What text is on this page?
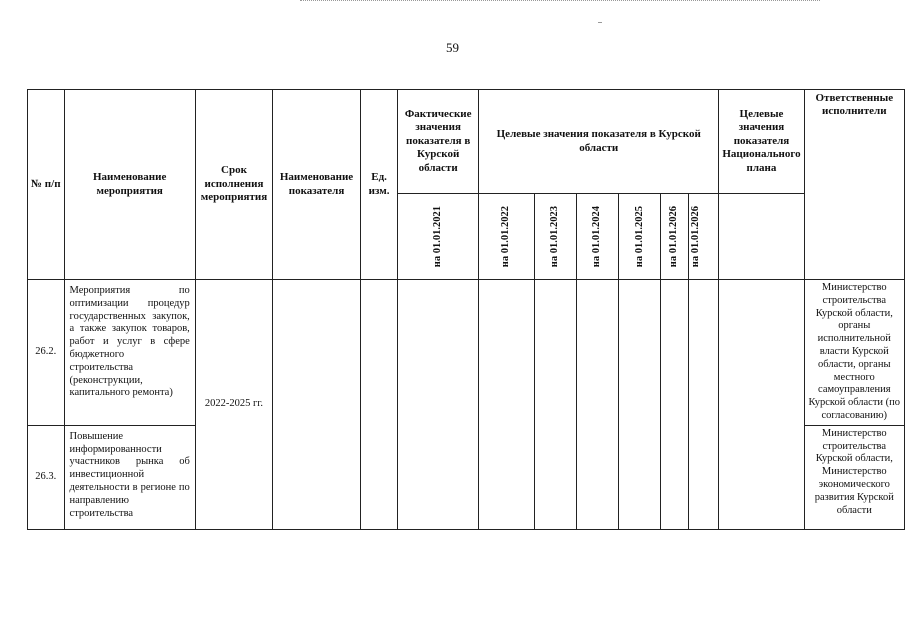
59
№ п/п	Наименование мероприятия	Срок исполнения мероприятия	Наименование показателя	Ед. изм.	Фактические значения показателя в Курской области	Целевые значения показателя в Курской области						Целевые значения показателя Национального плана	Ответственные исполнители

					на 01.01.2021	на 01.01.2022	на 01.01.2023	на 01.01.2024	на 01.01.2025	на 01.01.2026	на 01.01.2026		

26.2.	Мероприятия по оптимизации процедур государственных закупок, а также закупок товаров, работ и услуг в сфере бюджетного строительства (реконструкции, капитального ремонта)	2022-2025 гг.											Министерство строительства Курской области, органы исполнительной власти Курской области, органы местного самоуправления Курской области (по согласованию)
26.3.	Повышение информированности участников рынка об инвестиционной деятельности в регионе по направлению строительства												Министерство строительства Курской области, Министерство экономического развития Курской области
